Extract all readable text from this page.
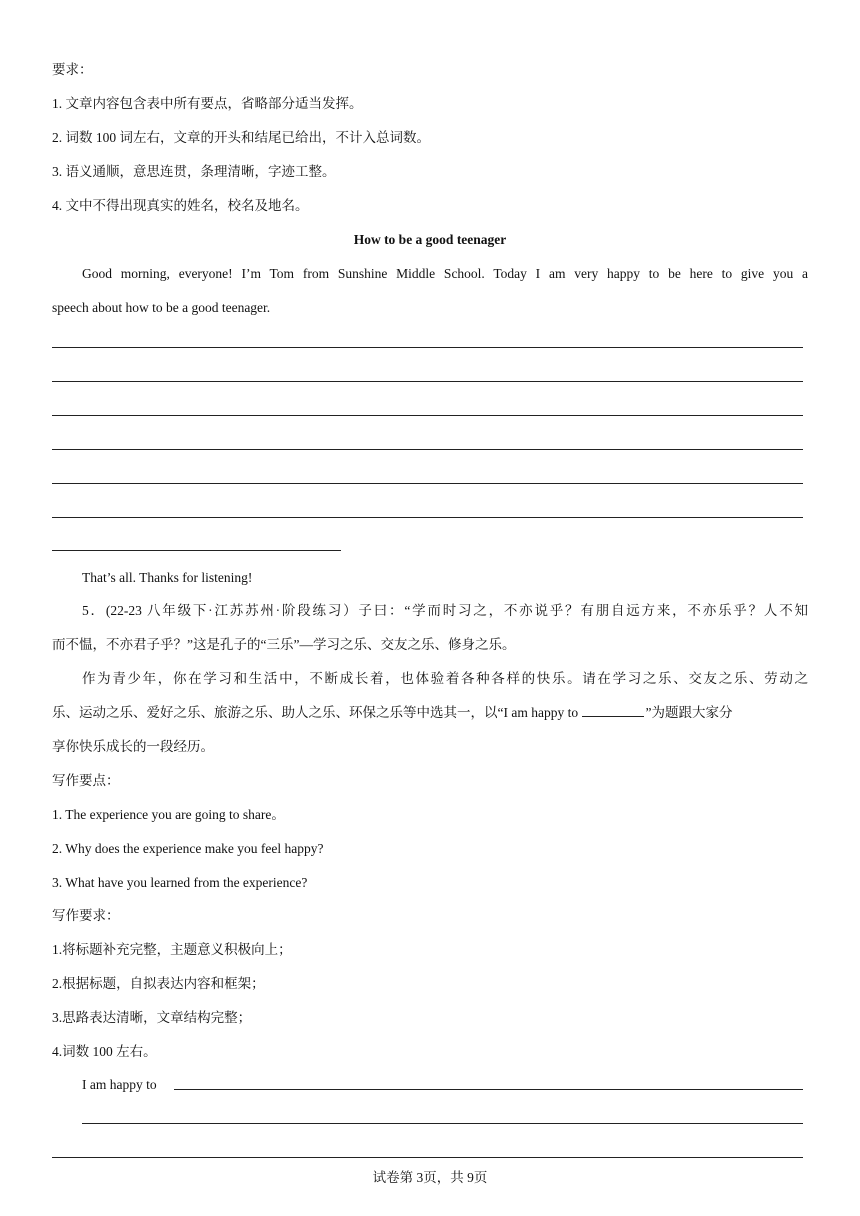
要求：
1. 文章内容包含表中所有要点，省略部分适当发挥。
2. 词数 100 词左右，文章的开头和结尾已给出，不计入总词数。
3. 语义通顺，意思连贯，条理清晰，字迹工整。
4. 文中不得出现真实的姓名，校名及地名。
How to be a good teenager
Good morning, everyone! I’m Tom from Sunshine Middle School. Today I am very happy to be here to give you a
speech about how to be a good teenager.
That’s all. Thanks for listening!
5．(22-23 八年级下·江苏苏州·阶段练习）子曰：“学而时习之，不亦说乎？有朋自远方来，不亦乐乎？人不知
而不愠，不亦君子乎？”这是孔子的“三乐”—学习之乐、交友之乐、修身之乐。
作为青少年，你在学习和生活中，不断成长着，也体验着各种各样的快乐。请在学习之乐、交友之乐、劳动之
乐、运动之乐、爱好之乐、旅游之乐、助人之乐、环保之乐等中选其一，以“I am happy to	”为题跟大家分
享你快乐成长的一段经历。
写作要点：
1. The experience you are going to share。
2. Why does the experience make you feel happy?
3. What have you learned from the experience?
写作要求：
1.将标题补充完整，主题意义积极向上；
2.根据标题，自拟表达内容和框架；
3.思路表达清晰，文章结构完整；
4.词数 100 左右。
I am happy to
试卷第 3页，共 9页
